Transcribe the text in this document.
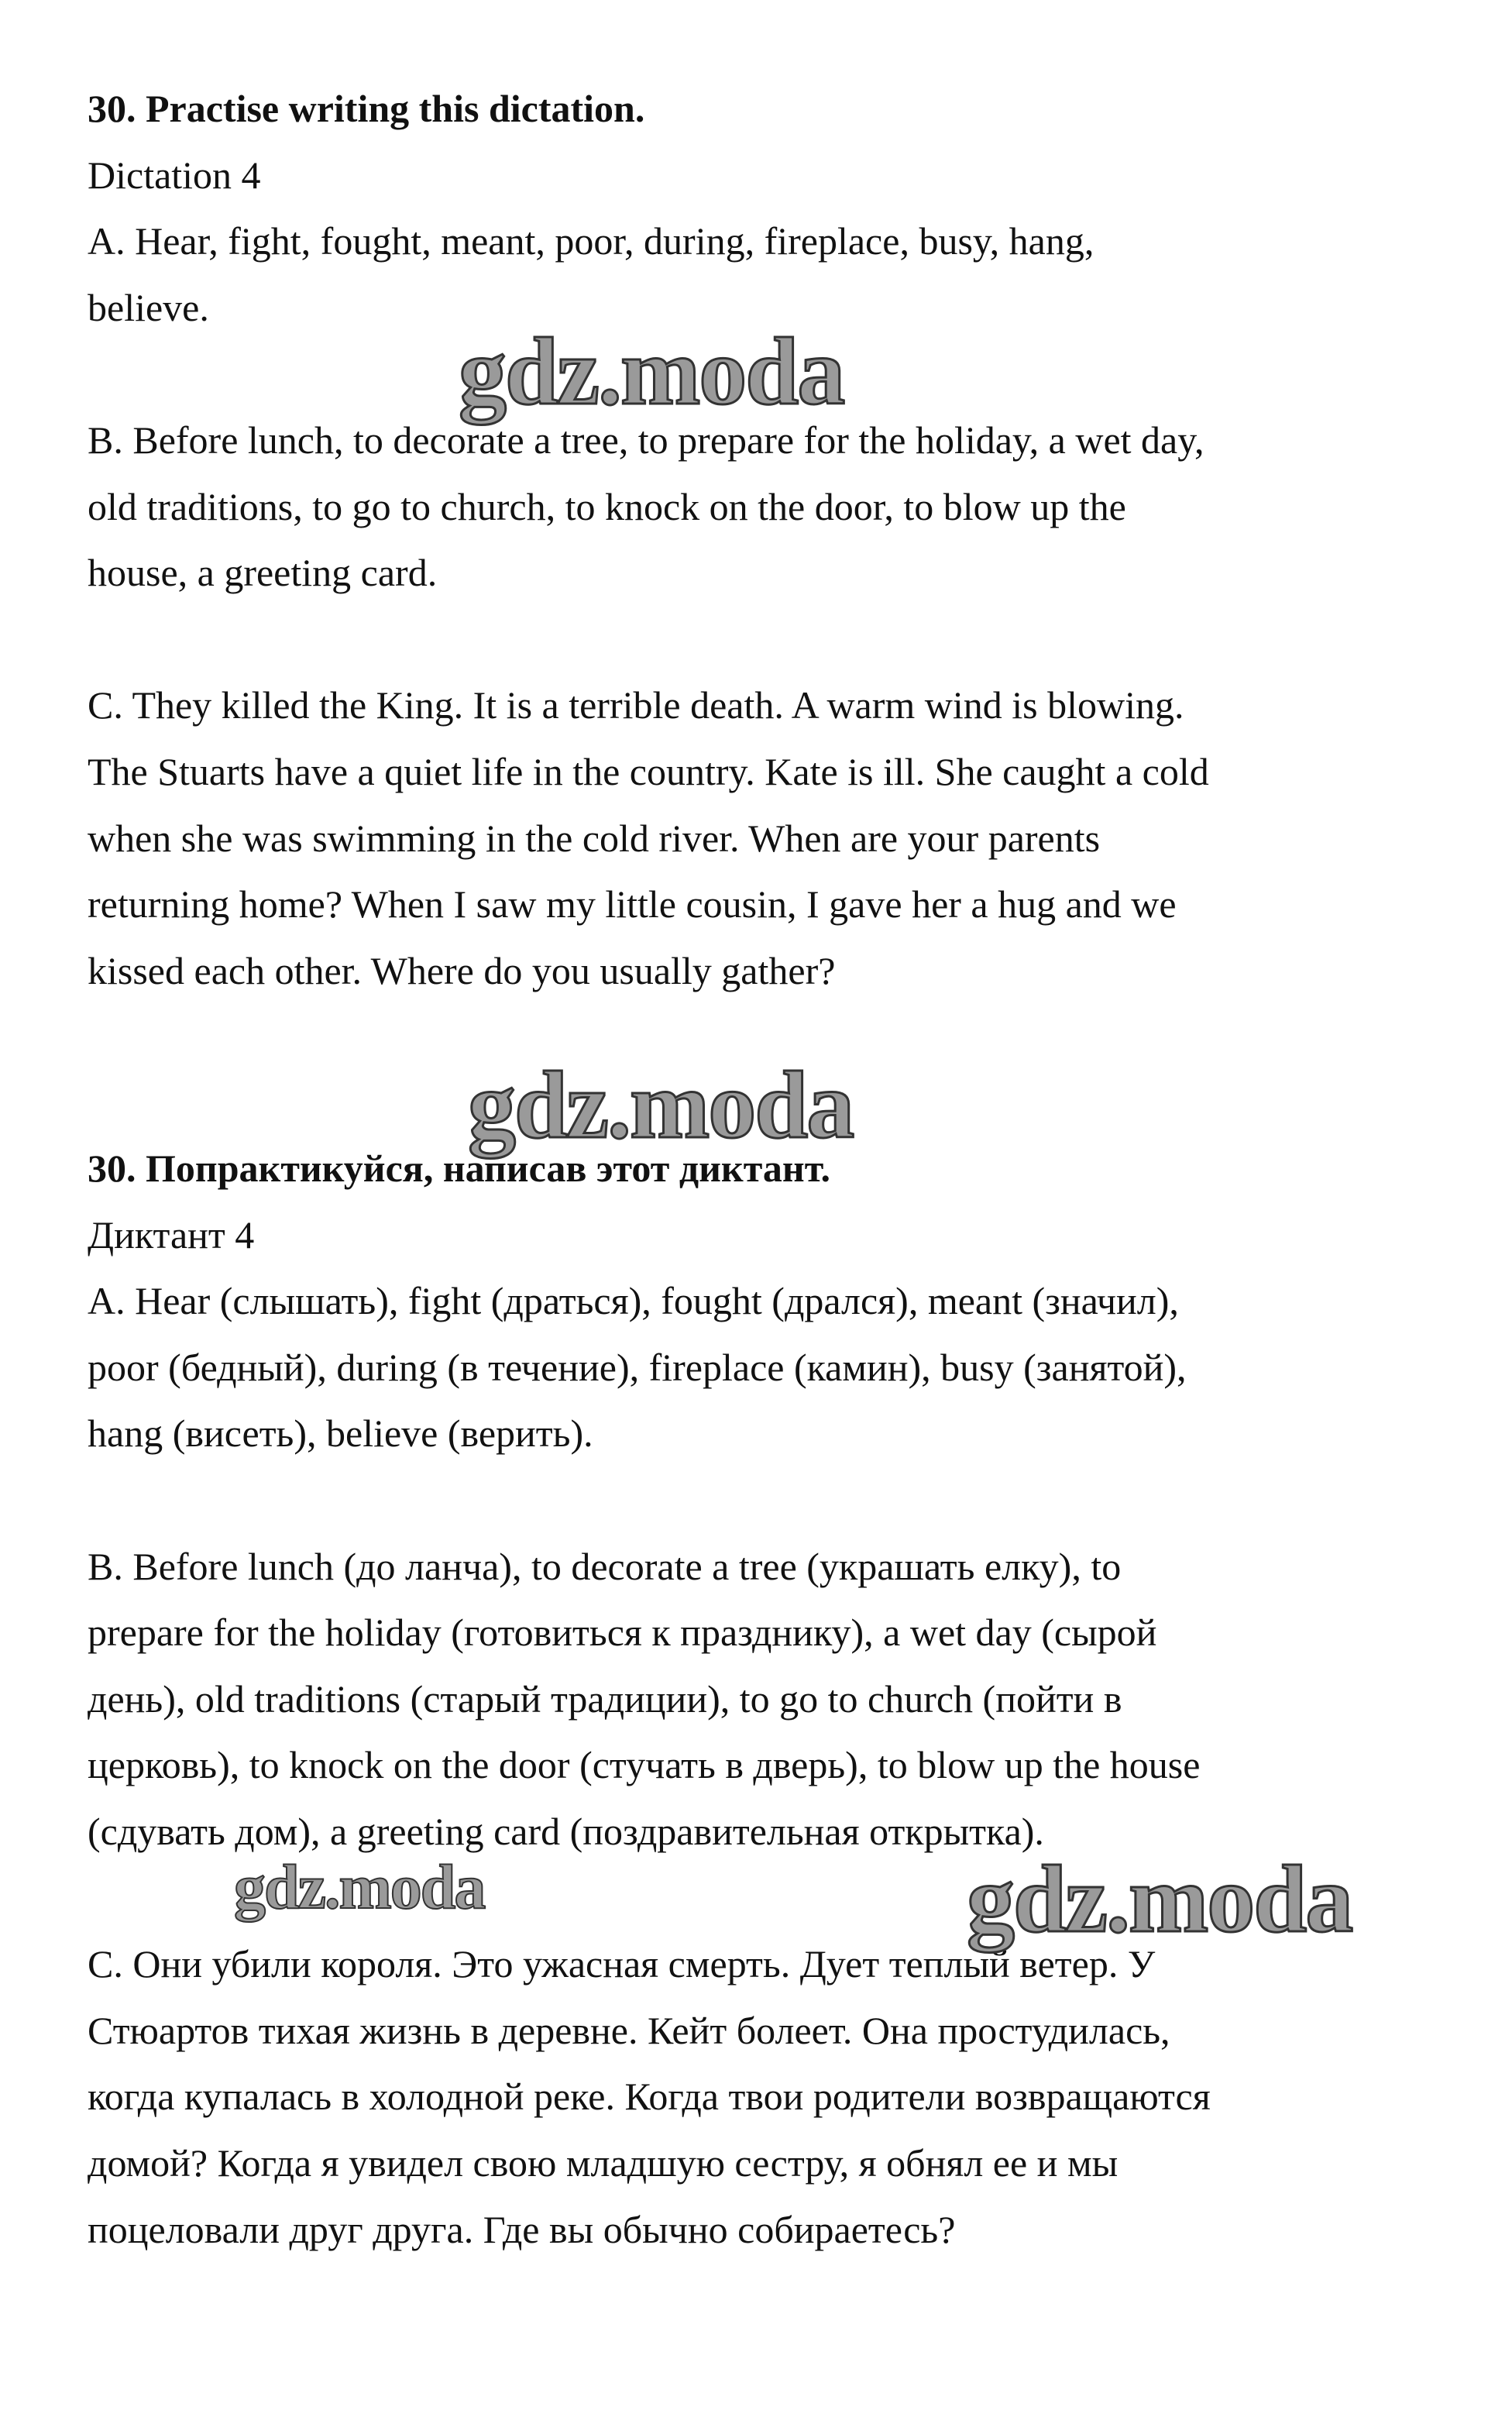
30. Practise writing this dictation.
Dictation 4
A. Hear, fight, fought, meant, poor, during, fireplace, busy, hang,
believe.
B. Before lunch, to decorate a tree, to prepare for the holiday, a wet day,
old traditions, to go to church, to knock on the door, to blow up the
house, a greeting card.
C. They killed the King. It is a terrible death. A warm wind is blowing.
The Stuarts have a quiet life in the country. Kate is ill. She caught a cold
when she was swimming in the cold river. When are your parents
returning home? When I saw my little cousin, I gave her a hug and we
kissed each other. Where do you usually gather?
30. Попрактикуйся, написав этот диктант.
Диктант 4
A. Hear (слышать), fight (драться), fought (дрался), meant (значил),
poor (бедный), during (в течение), fireplace (камин), busy (занятой),
hang (висеть), believe (верить).
B. Before lunch (до ланча), to decorate a tree (украшать елку), to
prepare for the holiday (готовиться к празднику), a wet day (сырой
день), old traditions (старый традиции), to go to church (пойти в
церковь), to knock on the door (стучать в дверь), to blow up the house
(сдувать дом), a greeting card (поздравительная открытка).
C. Они убили короля. Это ужасная смерть. Дует теплый ветер. У
Стюартов тихая жизнь в деревне. Кейт болеет. Она простудилась,
когда купалась в холодной реке. Когда твои родители возвращаются
домой? Когда я увидел свою младшую сестру, я обнял ее и мы
поцеловали друг друга. Где вы обычно собираетесь?
gdz.moda
gdz.moda
gdz.moda	gdz.moda
